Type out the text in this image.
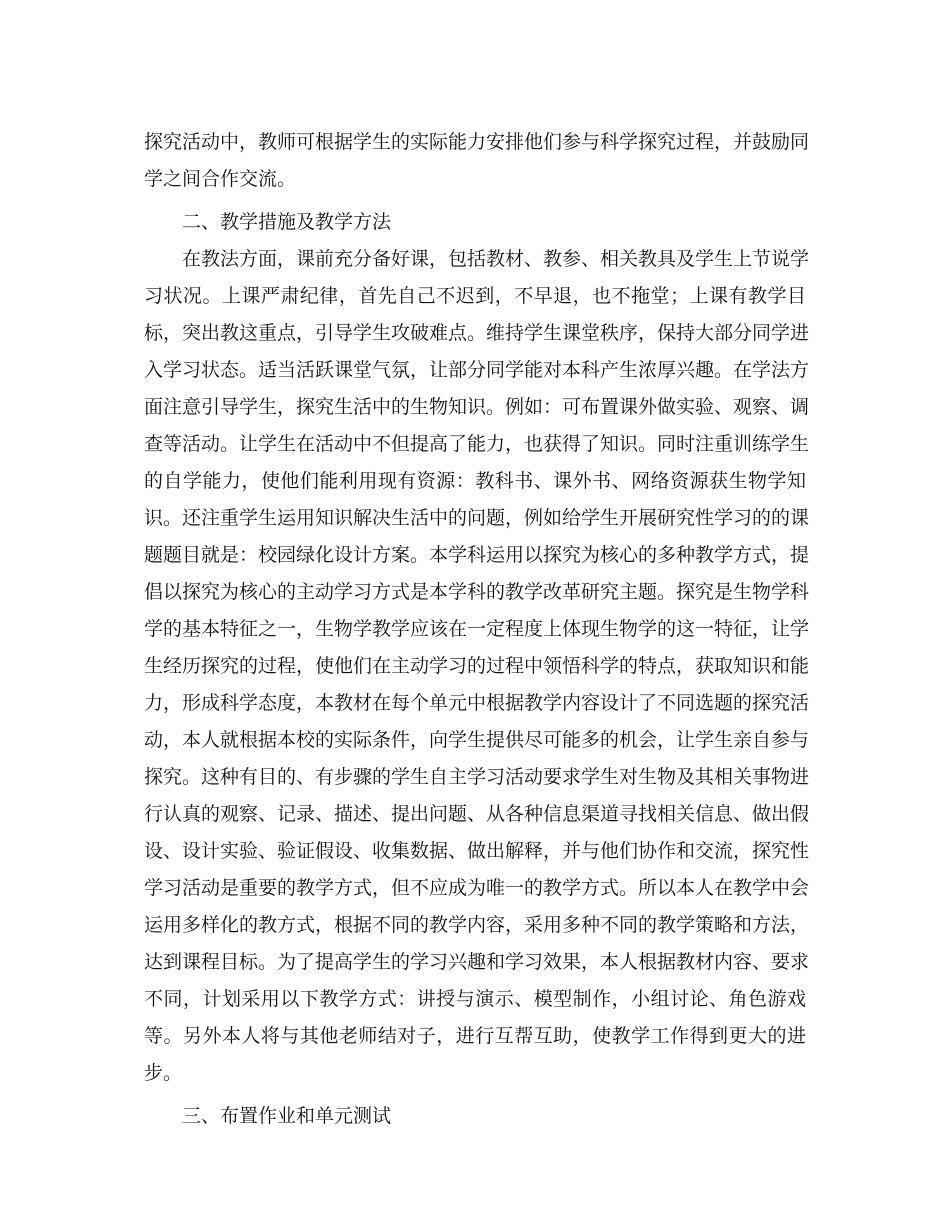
探究活动中，教师可根据学生的实际能力安排他们参与科学探究过程，并鼓励同
学之间合作交流。
二、教学措施及教学方法
在教法方面，课前充分备好课，包括教材、教参、相关教具及学生上节说学
习状况。上课严肃纪律，首先自己不迟到，不早退，也不拖堂；上课有教学目
标，突出教这重点，引导学生攻破难点。维持学生课堂秩序，保持大部分同学进
入学习状态。适当活跃课堂气氛，让部分同学能对本科产生浓厚兴趣。在学法方
面注意引导学生，探究生活中的生物知识。例如：可布置课外做实验、观察、调
查等活动。让学生在活动中不但提高了能力，也获得了知识。同时注重训练学生
的自学能力，使他们能利用现有资源：教科书、课外书、网络资源获生物学知
识。还注重学生运用知识解决生活中的问题，例如给学生开展研究性学习的的课
题题目就是：校园绿化设计方案。本学科运用以探究为核心的多种教学方式，提
倡以探究为核心的主动学习方式是本学科的教学改革研究主题。探究是生物学科
学的基本特征之一，生物学教学应该在一定程度上体现生物学的这一特征，让学
生经历探究的过程，使他们在主动学习的过程中领悟科学的特点，获取知识和能
力，形成科学态度，本教材在每个单元中根据教学内容设计了不同选题的探究活
动，本人就根据本校的实际条件，向学生提供尽可能多的机会，让学生亲自参与
探究。这种有目的、有步骤的学生自主学习活动要求学生对生物及其相关事物进
行认真的观察、记录、描述、提出问题、从各种信息渠道寻找相关信息、做出假
设、设计实验、验证假设、收集数据、做出解释，并与他们协作和交流，探究性
学习活动是重要的教学方式，但不应成为唯一的教学方式。所以本人在教学中会
运用多样化的教方式，根据不同的教学内容，采用多种不同的教学策略和方法，
达到课程目标。为了提高学生的学习兴趣和学习效果，本人根据教材内容、要求
不同，计划采用以下教学方式：讲授与演示、模型制作，小组讨论、角色游戏
等。另外本人将与其他老师结对子，进行互帮互助，使教学工作得到更大的进
步。
三、布置作业和单元测试
